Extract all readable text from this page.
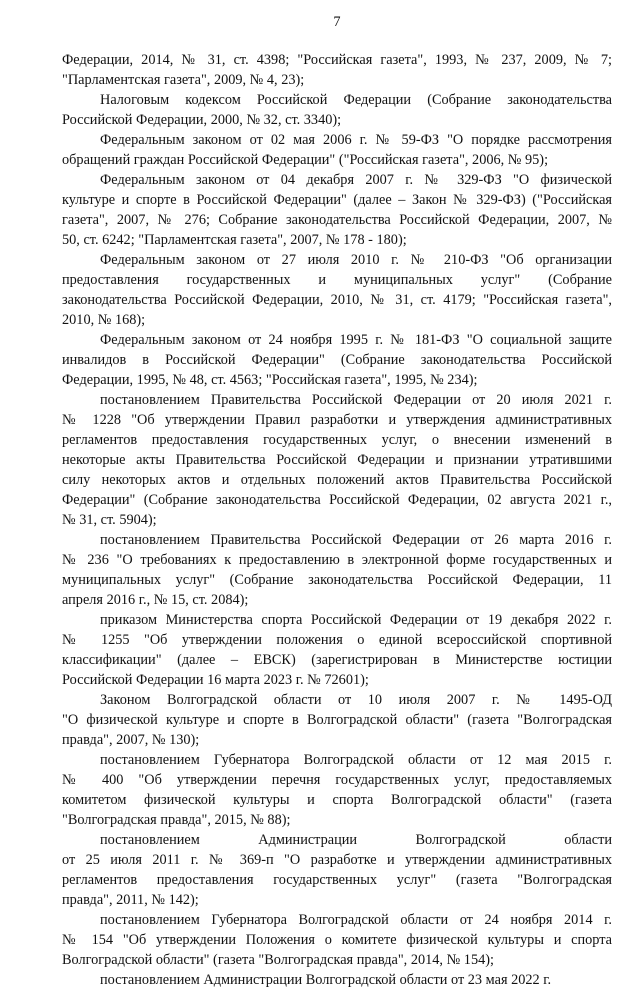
7
Федерации, 2014, № 31, ст. 4398; "Российская газета", 1993, № 237, 2009, № 7;
"Парламентская газета", 2009, № 4, 23);
Налоговым кодексом Российской Федерации (Собрание законодательства
Российской Федерации, 2000, № 32, ст. 3340);
Федеральным законом от 02 мая 2006 г. № 59-ФЗ "О порядке рассмотрения
обращений граждан Российской Федерации" ("Российская газета", 2006, № 95);
Федеральным законом от 04 декабря 2007 г. № 329-ФЗ "О физической
культуре и спорте в Российской Федерации" (далее – Закон № 329-ФЗ) ("Российская
газета", 2007, № 276; Собрание законодательства Российской Федерации, 2007, №
50, ст. 6242; "Парламентская газета", 2007, № 178 - 180);
Федеральным законом от 27 июля 2010 г. № 210-ФЗ "Об организации
предоставления государственных и муниципальных услуг" (Собрание
законодательства Российской Федерации, 2010, № 31, ст. 4179; "Российская газета",
2010, № 168);
Федеральным законом от 24 ноября 1995 г. № 181-ФЗ "О социальной защите
инвалидов в Российской Федерации" (Собрание законодательства Российской
Федерации, 1995, № 48, ст. 4563; "Российская газета", 1995, № 234);
постановлением Правительства Российской Федерации от 20 июля 2021 г.
№ 1228 "Об утверждении Правил разработки и утверждения административных
регламентов предоставления государственных услуг, о внесении изменений в
некоторые акты Правительства Российской Федерации и признании утратившими
силу некоторых актов и отдельных положений актов Правительства Российской
Федерации" (Собрание законодательства Российской Федерации, 02 августа 2021 г.,
№ 31, ст. 5904);
постановлением Правительства Российской Федерации от 26 марта 2016 г.
№ 236 "О требованиях к предоставлению в электронной форме государственных и
муниципальных услуг" (Собрание законодательства Российской Федерации, 11
апреля 2016 г., № 15, ст. 2084);
приказом Министерства спорта Российской Федерации от 19 декабря 2022 г.
№ 1255 "Об утверждении положения о единой всероссийской спортивной
классификации" (далее – ЕВСК) (зарегистрирован в Министерстве юстиции
Российской Федерации 16 марта 2023 г. № 72601);
Законом Волгоградской области от 10 июля 2007 г. № 1495-ОД
"О физической культуре и спорте в Волгоградской области" (газета "Волгоградская
правда", 2007, № 130);
постановлением Губернатора Волгоградской области от 12 мая 2015 г.
№ 400 "Об утверждении перечня государственных услуг, предоставляемых
комитетом физической культуры и спорта Волгоградской области" (газета
"Волгоградская правда", 2015, № 88);
постановлением Администрации Волгоградской области
от 25 июля 2011 г. № 369-п "О разработке и утверждении административных
регламентов предоставления государственных услуг" (газета "Волгоградская
правда", 2011, № 142);
постановлением Губернатора Волгоградской области от 24 ноября 2014 г.
№ 154 "Об утверждении Положения о комитете физической культуры и спорта
Волгоградской области" (газета "Волгоградская правда", 2014, № 154);
постановлением Администрации Волгоградской области от 23 мая 2022 г.
